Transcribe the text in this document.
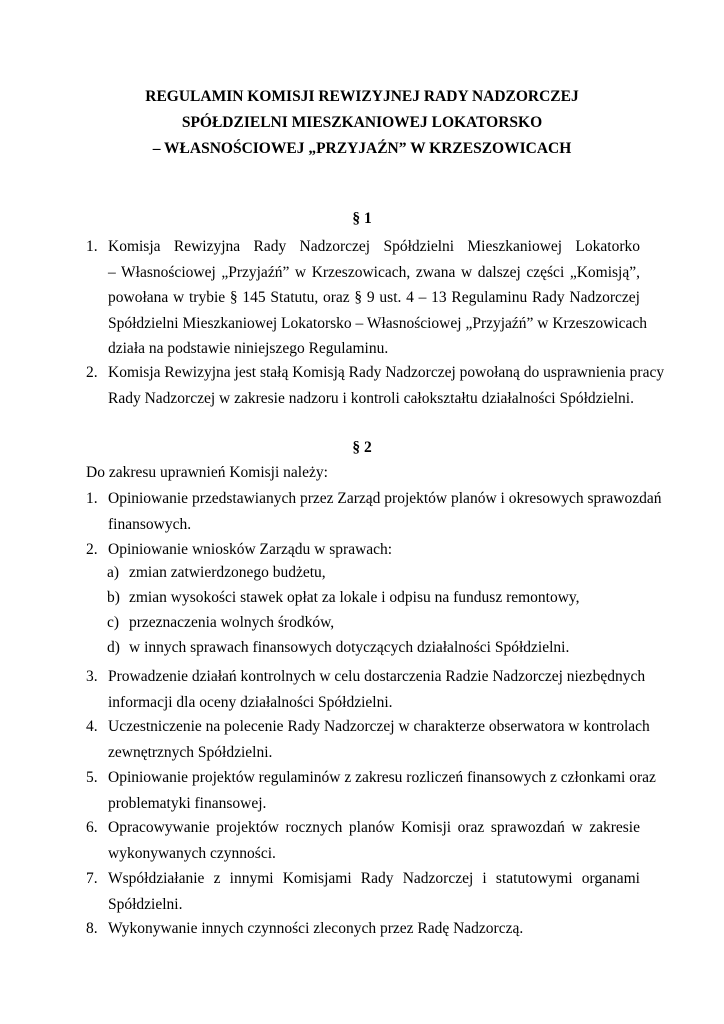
REGULAMIN KOMISJI REWIZYJNEJ RADY NADZORCZEJ
SPÓŁDZIELNI MIESZKANIOWEJ LOKATORSKO
– WŁASNOŚCIOWEJ „PRZYJAŹN” W KRZESZOWICACH
§ 1
1. Komisja Rewizyjna Rady Nadzorczej Spółdzielni Mieszkaniowej Lokatorko
– Własnościowej „Przyjaźń” w Krzeszowicach, zwana w dalszej części „Komisją”,
powołana w trybie § 145 Statutu, oraz § 9 ust. 4 – 13 Regulaminu Rady Nadzorczej
Spółdzielni Mieszkaniowej Lokatorsko – Własnościowej „Przyjaźń” w Krzeszowicach
działa na podstawie niniejszego Regulaminu.
2. Komisja Rewizyjna jest stałą Komisją Rady Nadzorczej powołaną do usprawnienia pracy
Rady Nadzorczej w zakresie nadzoru i kontroli całokształtu działalności Spółdzielni.
§ 2
Do zakresu uprawnień Komisji należy:
1. Opiniowanie przedstawianych przez Zarząd projektów planów i okresowych sprawozdań
finansowych.
2. Opiniowanie wniosków Zarządu w sprawach:
a) zmian zatwierdzonego budżetu,
b) zmian wysokości stawek opłat za lokale i odpisu na fundusz remontowy,
c) przeznaczenia wolnych środków,
d) w innych sprawach finansowych dotyczących działalności Spółdzielni.
3. Prowadzenie działań kontrolnych w celu dostarczenia Radzie Nadzorczej niezbędnych
informacji dla oceny działalności Spółdzielni.
4. Uczestniczenie na polecenie Rady Nadzorczej w charakterze obserwatora w kontrolach
zewnętrznych Spółdzielni.
5. Opiniowanie projektów regulaminów z zakresu rozliczeń finansowych z członkami oraz
problematyki finansowej.
6. Opracowywanie projektów rocznych planów Komisji oraz sprawozdań w zakresie
wykonywanych czynności.
7. Współdziałanie z innymi Komisjami Rady Nadzorczej i statutowymi organami
Spółdzielni.
8. Wykonywanie innych czynności zleconych przez Radę Nadzorczą.
